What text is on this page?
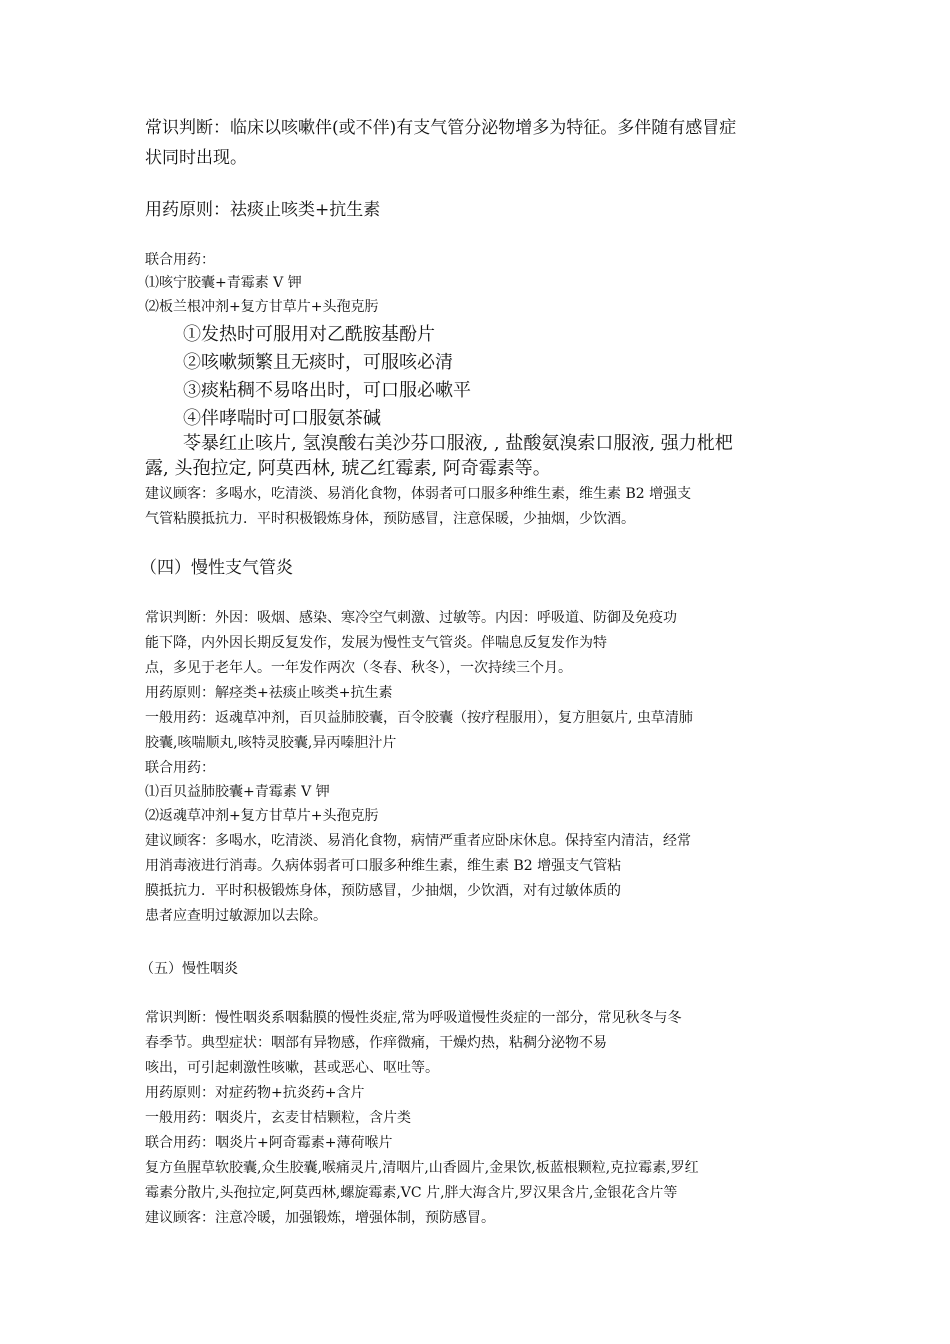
常识判断：临床以咳嗽伴(或不伴)有支气管分泌物增多为特征。多伴随有感冒症
状同时出现。
用药原则：祛痰止咳类+抗生素
联合用药：
⑴咳宁胶囊+青霉素 V 钾
⑵板兰根冲剂+复方甘草片+头孢克肟
①发热时可服用对乙酰胺基酚片
②咳嗽频繁且无痰时，可服咳必清
③痰粘稠不易咯出时，可口服必嗽平
④伴哮喘时可口服氨茶碱
苓暴红止咳片, 氢溴酸右美沙芬口服液, , 盐酸氨溴索口服液, 强力枇杷
露, 头孢拉定, 阿莫西林, 琥乙红霉素, 阿奇霉素等。
建议顾客：多喝水，吃清淡、易消化食物，体弱者可口服多种维生素，维生素 B2 增强支
气管粘膜抵抗力．平时积极锻炼身体，预防感冒，注意保暖，少抽烟，少饮酒。
（四）慢性支气管炎
常识判断：外因：吸烟、感染、寒冷空气刺激、过敏等。内因：呼吸道、防御及免疫功
能下降，内外因长期反复发作，发展为慢性支气管炎。伴喘息反复发作为特
点，多见于老年人。一年发作两次（冬春、秋冬），一次持续三个月。
用药原则：解痉类+祛痰止咳类+抗生素
一般用药：返魂草冲剂，百贝益肺胶囊，百令胶囊（按疗程服用），复方胆氨片, 虫草清肺
胶囊,咳喘顺丸,咳特灵胶囊,异丙嗪胆汁片
联合用药：
⑴百贝益肺胶囊+青霉素 V 钾
⑵返魂草冲剂+复方甘草片+头孢克肟
建议顾客：多喝水，吃清淡、易消化食物，病情严重者应卧床休息。保持室内清洁，经常
用消毒液进行消毒。久病体弱者可口服多种维生素，维生素 B2 增强支气管粘
膜抵抗力．平时积极锻炼身体，预防感冒，少抽烟，少饮酒，对有过敏体质的
患者应查明过敏源加以去除。
（五）慢性咽炎
常识判断：慢性咽炎系咽黏膜的慢性炎症,常为呼吸道慢性炎症的一部分，常见秋冬与冬
春季节。典型症状：咽部有异物感，作痒微痛，干燥灼热，粘稠分泌物不易
咳出，可引起刺激性咳嗽，甚或恶心、呕吐等。
用药原则：对症药物+抗炎药+含片
一般用药：咽炎片，玄麦甘桔颗粒，含片类
联合用药：咽炎片+阿奇霉素+薄荷喉片
复方鱼腥草软胶囊,众生胶囊,喉痛灵片,清咽片,山香圆片,金果饮,板蓝根颗粒,克拉霉素,罗红
霉素分散片,头孢拉定,阿莫西林,螺旋霉素,VC 片,胖大海含片,罗汉果含片,金银花含片等
建议顾客：注意冷暖，加强锻炼，增强体制，预防感冒。
